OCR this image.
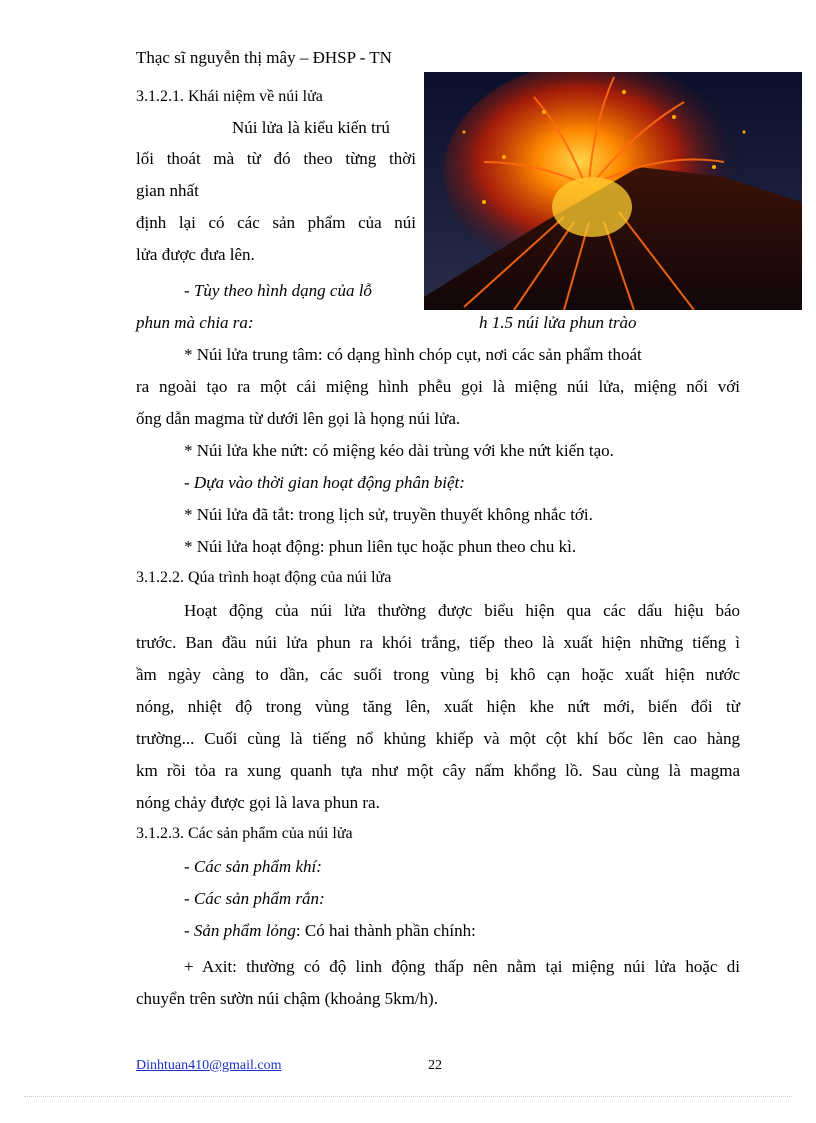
Thạc sĩ nguyễn thị mây – ĐHSP - TN
3.1.2.1. Khái niệm về núi lửa
Núi lửa là kiểu kiến trú
lối thoát mà từ đó theo từng thời
gian nhất
định lại có các sản phẩm của núi
lửa được đưa lên.
- Tùy theo hình dạng của lỗ
phun mà chia ra:	h 1.5 núi lửa phun trào
* Núi lửa trung tâm: có dạng hình chóp cụt, nơi các sản phẩm thoát
ra ngoài tạo ra một cái miệng hình phễu gọi là miệng núi lửa, miệng nối với
ống dẫn magma từ dưới lên gọi là họng núi lửa.
* Núi lửa khe nứt: có miệng kéo dài trùng với khe nứt kiến tạo.
- Dựa vào thời gian hoạt động phân biệt:
* Núi lửa đã tắt: trong lịch sử, truyền thuyết không nhắc tới.
* Núi lửa hoạt động: phun liên tục hoặc phun theo chu kì.
3.1.2.2. Qúa trình hoạt động của núi lửa
Hoạt động của núi lửa thường được biểu hiện qua các dấu hiệu báo
trước. Ban đầu núi lửa phun ra khói trắng, tiếp theo là xuất hiện những tiếng ì
ầm ngày càng to dần, các suối trong vùng bị khô cạn hoặc xuất hiện nước
nóng, nhiệt độ trong vùng tăng lên, xuất hiện khe nứt mới, biến đổi từ
trường... Cuối cùng là tiếng nổ khủng khiếp và một cột khí bốc lên cao hàng
km rồi tỏa ra xung quanh tựa như một cây nấm khổng lồ. Sau cùng là magma
nóng chảy được gọi là lava phun ra.
3.1.2.3. Các sản phẩm của núi lửa
- Các sản phẩm khí:
- Các sản phẩm rắn:
- Sản phẩm lỏng: Có hai thành phần chính:
+ Axit: thường có độ linh động thấp nên nằm tại miệng núi lửa hoặc di
chuyển trên sườn núi chậm (khoảng 5km/h).
Dinhtuan410@gmail.com	22
